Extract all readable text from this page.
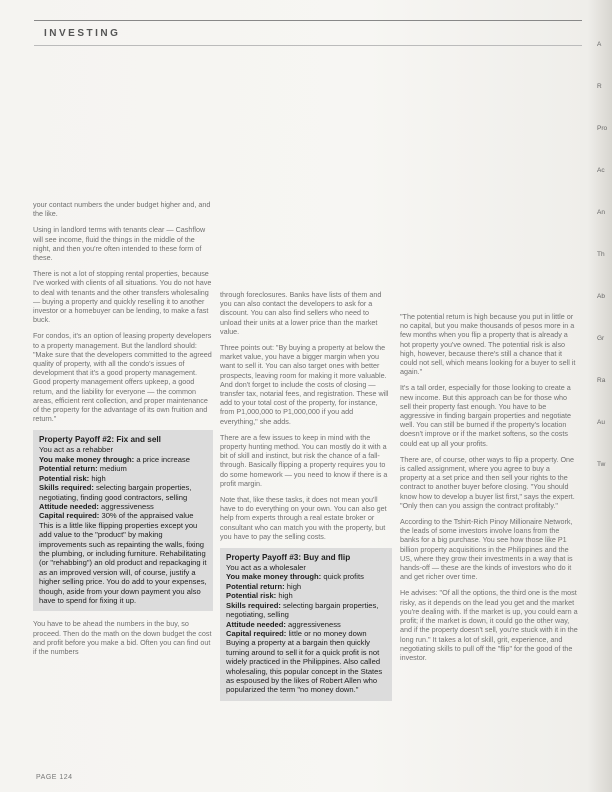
INVESTING

your contact numbers the under budget higher and, and the like.

Using in landlord terms with tenants clear — Cashflow will see income, fluid the things in the middle of the night, and then you're often intended to these form of these.

There is not a lot of stopping rental properties, because I've worked with clients of all situations. You do not have to deal with tenants and the other transfers wholesaling — buying a property and quickly reselling it to another investor or a homebuyer can be lending, to make a fast buck.

For condos, it's an option of leasing property developers to a property management. But the landlord should: "Make sure that the developers committed to the agreed quality of property, with all the condo's issues of development that it's a good property management. Good property management offers upkeep, a good return, and the liability for everyone — the common areas, efficient rent collection, and proper maintenance of the property for the advantage of its own fruition and return."

Property Payoff #2: Fix and sell
You act as a rehabber
You make money through: a price increase
Potential return: medium
Potential risk: high
Skills required: selecting bargain properties, negotiating, finding good contractors, selling
Attitude needed: aggressiveness
Capital required: 30% of the appraised value
This is a little like flipping properties except you add value to the "product" by making improvements such as repainting the walls, fixing the plumbing, or including furniture. Rehabilitating (or "rehabbing") an old product and repackaging it as an improved version will, of course, justify a higher selling price. You do add to your expenses, though, aside from your down payment you also have to spend for fixing it up.

You have to be ahead the numbers in the buy, so proceed. Then do the math on the down budget the cost and profit before you make a bid. Often you can find out if the numbers

through foreclosures. Banks have lists of them and you can also contact the developers to ask for a discount. You can also find sellers who need to unload their units at a lower price than the market value.

Three points out: "By buying a property at below the market value, you have a bigger margin when you want to sell it. You can also target ones with better prospects, leaving room for making it more valuable. And don't forget to include the costs of closing — transfer tax, notarial fees, and registration. These will add to your total cost of the property, for instance, from P1,000,000 to P1,000,000 if you add everything," she adds.

There are a few issues to keep in mind with the property hunting method. You can mostly do it with a bit of skill and instinct, but risk the chance of a fall-through. Basically flipping a property requires you to do some homework — you need to know if there is a profit margin.

Note that, like these tasks, it does not mean you'll have to do everything on your own. You can also get help from experts through a real estate broker or consultant who can match you with the property, but you have to pay the selling costs.

Property Payoff #3: Buy and flip
You act as a wholesaler
You make money through: quick profits
Potential return: high
Potential risk: high
Skills required: selecting bargain properties, negotiating, selling
Attitude needed: aggressiveness
Capital required: little or no money down
Buying a property at a bargain then quickly turning around to sell it for a quick profit is not widely practiced in the Philippines. Also called wholesaling, this popular concept in the States as espoused by the likes of Robert Allen who popularized the term "no money down."

"The potential return is high because you put in little or no capital, but you make thousands of pesos more in a few months when you flip a property that is already a hot property you've owned. The potential risk is also high, however, because there's still a chance that it could not sell, which means looking for a buyer to sell it again."

It's a tall order, especially for those looking to create a new income. But this approach can be for those who sell their property fast enough. You have to be aggressive in finding bargain properties and negotiate well. You can still be burned if the property's location doesn't improve or if the market softens, so the costs could eat up all your profits.

There are, of course, other ways to flip a property. One is called assignment, where you agree to buy a property at a set price and then sell your rights to the contract to another buyer before closing. "You should know how to develop a buyer list first," says the expert. "Only then can you assign the contract profitably."

According to the Tshirt-Rich Pinoy Millionaire Network, the leads of some investors involve loans from the banks for a big purchase. You see how those like P1 billion property acquisitions in the Philippines and the US, where they grow their investments in a way that is hands-off — these are the kinds of investors who do it and get richer over time.

He advises: "Of all the options, the third one is the most risky, as it depends on the lead you get and the market you're dealing with. If the market is up, you could earn a profit; if the market is down, it could go the other way, and if the property doesn't sell, you're stuck with it in the long run." It takes a lot of skill, grit, experience, and negotiating skills to pull off the "flip" for the good of the investor.

A
R
Pro
Ac
An
Th
Ab
Gr
Ra
Au
Tw
PAGE 124
